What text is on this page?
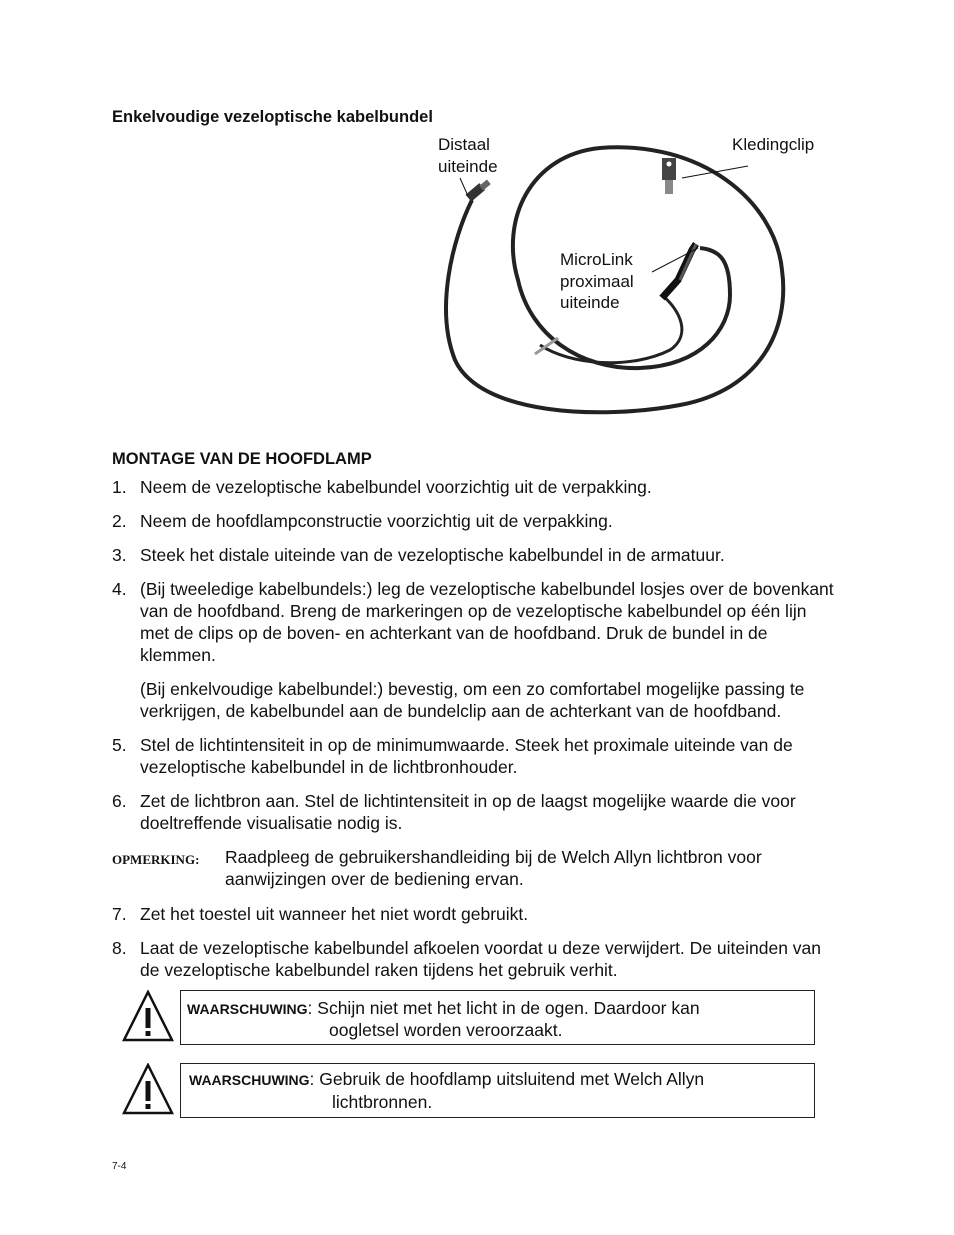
Enkelvoudige vezeloptische kabelbundel
Distaal
uiteinde
Kledingclip
MicroLink
proximaal
uiteinde
MONTAGE VAN DE HOOFDLAMP
1. Neem de vezeloptische kabelbundel voorzichtig uit de verpakking.
2. Neem de hoofdlampconstructie voorzichtig uit de verpakking.
3. Steek het distale uiteinde van de vezeloptische kabelbundel in de armatuur.
4. (Bij tweeledige kabelbundels:) leg de vezeloptische kabelbundel losjes over de bovenkant van de hoofdband. Breng de markeringen op de vezeloptische kabelbundel op één lijn met de clips op de boven- en achterkant van de hoofdband. Druk de bundel in de klemmen.
(Bij enkelvoudige kabelbundel:) bevestig, om een zo comfortabel mogelijke passing te verkrijgen, de kabelbundel aan de bundelclip aan de achterkant van de hoofdband.
5. Stel de lichtintensiteit in op de minimumwaarde. Steek het proximale uiteinde van de vezeloptische kabelbundel in de lichtbronhouder.
6. Zet de lichtbron aan. Stel de lichtintensiteit in op de laagst mogelijke waarde die voor doeltreffende visualisatie nodig is.
OPMERKING: Raadpleeg de gebruikershandleiding bij de Welch Allyn lichtbron voor aanwijzingen over de bediening ervan.
7. Zet het toestel uit wanneer het niet wordt gebruikt.
8. Laat de vezeloptische kabelbundel afkoelen voordat u deze verwijdert. De uiteinden van de vezeloptische kabelbundel raken tijdens het gebruik verhit.
WAARSCHUWING: Schijn niet met het licht in de ogen. Daardoor kan
oogletsel worden veroorzaakt.
WAARSCHUWING: Gebruik de hoofdlamp uitsluitend met Welch Allyn
lichtbronnen.
7-4
